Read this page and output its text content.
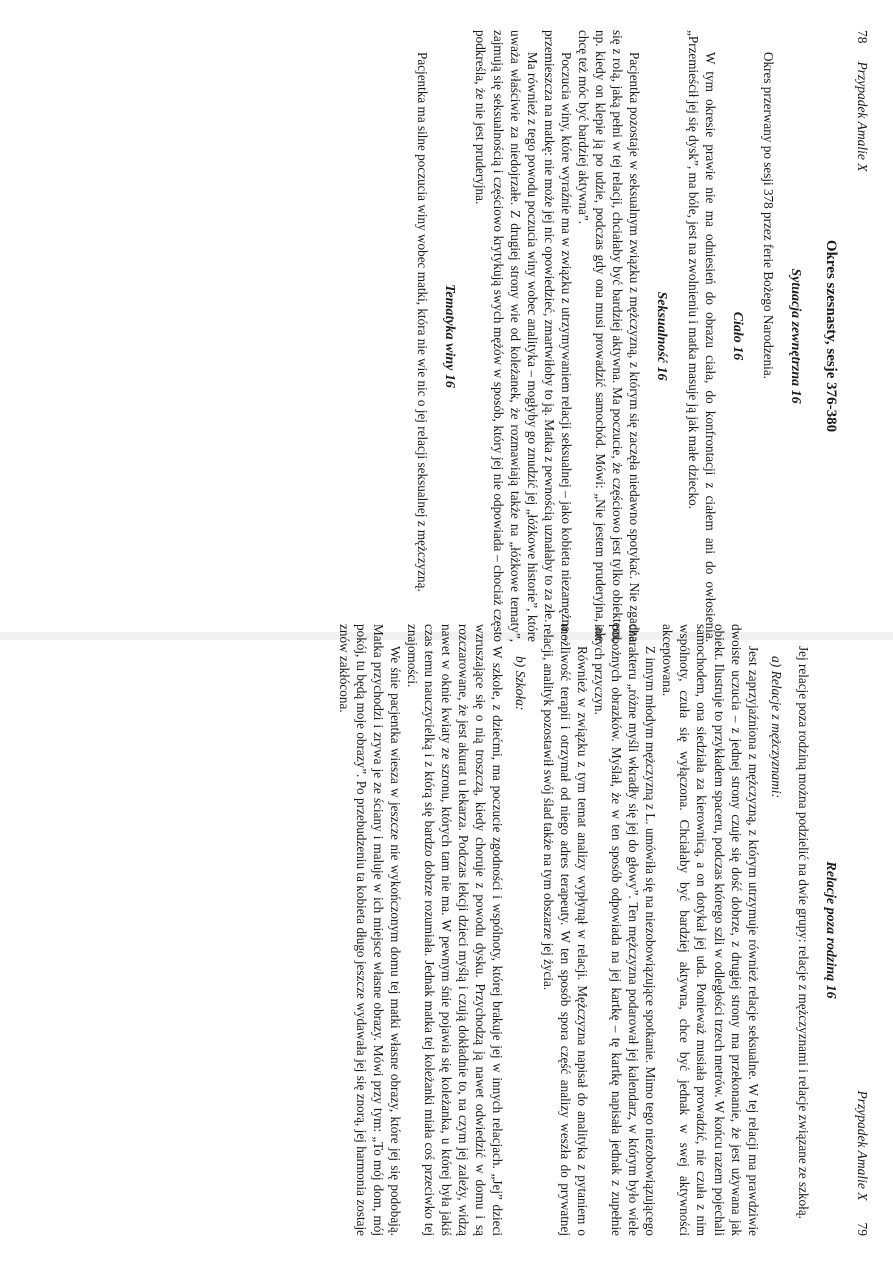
78Przypadek Amalie X
Okres szesnasty, sesje 376-380
Sytuacja zewnętrzna 16

Okres przerwany po sesji 378 przez ferie Bożego Narodzenia.

Ciało 16

W tym okresie prawie nie ma odniesień do obrazu ciała, do konfrontacji z ciałem ani do owłosienia. „Przemieścił jej się dysk”, ma bóle, jest na zwolnieniu i matka masuje ją jak małe dziecko.

Seksualność 16

Pacjentka pozostaje w seksualnym związku z mężczyzną, z którym się zaczęła niedawno spotykać. Nie zgadza się z rolą, jaką pełni w tej relacji, chciałaby być bardziej aktywna. Ma poczucie, że częściowo jest tylko obiektem, np. kiedy on klepie ją po udzie, podczas gdy ona musi prowadzić samochód. Mówi: „Nie jestem pruderyjna, ale chcę też móc być bardziej aktywna”.

Poczucia winy, które wyraźnie ma w związku z utrzymywaniem relacji seksualnej – jako kobieta niezamężna – przemieszcza na matkę: nie może jej nic opowiedzieć, zmartwiłoby to ją. Matka z pewnością uznałaby to za złe.

Ma również z tego powodu poczucia winy wobec analityka – mogłyby go znudzić jej „łóżkowe historie”, które uważa właściwie za niedojrzałe. Z drugiej strony wie od koleżanek, że rozmawiają także na „łóżkowe tematy”, zajmują się seksualnością i częściowo krytykują swych mężów w sposób, który jej nie odpowiada – chociaż często podkreśla, że nie jest pruderyjna.

Tematyka winy 16

Pacjentka ma silne poczucia winy wobec matki, która nie wie nic o jej relacji seksualnej z mężczyzną.

Przypadek Amalie X79
Relacje poza rodziną 16

Jej relacje poza rodziną można podzielić na dwie grupy: relacje z mężczyznami i relacje związane ze szkołą.

a) Relacje z mężczyznami:

Jest zaprzyjaźniona z mężczyzną, z którym utrzymuje również relacje seksualne. W tej relacji ma prawdziwie dwoiste uczucia – z jednej strony czuje się dość dobrze, z drugiej strony ma przekonanie, że jest używana jak obiekt. Ilustruje to przykładem spaceru, podczas którego szli w odległości trzech metrów. W końcu razem pojechali samochodem, ona siedziała za kierownicą, a on dotykał jej uda. Ponieważ musiała prowadzić, nie czuła z nim wspólnoty, czuła się wyłączona. Chciałaby być bardziej aktywna, chce być jednak w swej aktywności akceptowana.

Z innym młodym mężczyzną z L. umówiła się na niezobowiązujące spotkanie. Mimo tego niezobowiązującego charakteru „różne myśli wkradły się jej do głowy”. Ten mężczyzna podarował jej kalendarz, w którym było wiele pobożnych obrazków. Myślał, że w ten sposób odpowiada na jej kartkę – tę kartkę napisała jednak z zupełnie innych przyczyn.

Również w związku z tym temat analizy wypłynął w relacji. Mężczyzna napisał do analityka z pytaniem o możliwość terapii i otrzymał od niego adres terapeuty. W ten sposób spora część analizy weszła do prywatnej relacji, analityk pozostawił swój ślad także na tym obszarze jej życia.

b) Szkoła:

W szkole, z dziećmi, ma poczucie zgodności i wspólnoty, której brakuje jej w innych relacjach. „Jej” dzieci wzruszające się o nią troszczą, kiedy choruje z powodu dysku. Przychodzą ją nawet odwiedzić w domu i są rozczarowane, że jest akurat u lekarza. Podczas lekcji dzieci myślą i czują dokładnie to, na czym jej zależy, widzą nawet w oknie kwiaty ze szronu, których tam nie ma. W pewnym śnie pojawia się koleżanka, u której była jakiś czas temu nauczycielką i z którą się bardzo dobrze rozumiała. Jednak matka tej koleżanki miała coś przeciwko tej znajomości.

We śnie pacjentka wiesza w jeszcze nie wykończonym domu tej matki własne obrazy, które jej się podobają. Matka przychodzi i zrywa je ze ściany i maluje w ich miejsce własne obrazy. Mówi przy tym: „To mój dom, mój pokój, tu będą moje obrazy”. Po przebudzeniu ta kobieta długo jeszcze wydawała jej się znorą, jej harmonia zostaje znów zakłócona.
